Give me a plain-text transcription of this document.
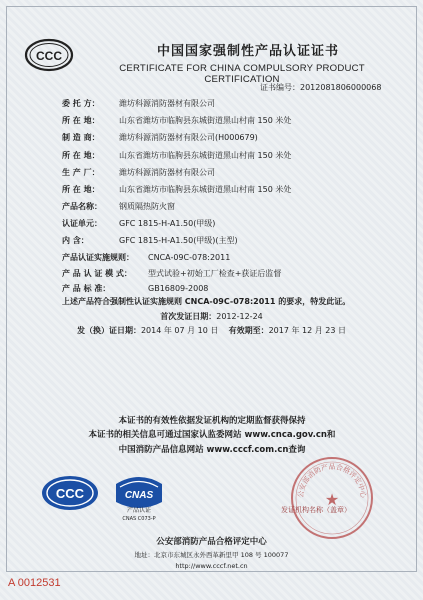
CCC	中国国家强制性产品认证证书
CERTIFICATE FOR CHINA COMPULSORY PRODUCT CERTIFICATION
证书编号：2012081806000068
委 托 方： 潍坊科源消防器材有限公司
所 在 地： 山东省潍坊市临朐县东城街道黑山村南 150 米处
制 造 商： 潍坊科源消防器材有限公司(H000679)
所 在 地： 山东省潍坊市临朐县东城街道黑山村南 150 米处
生 产 厂： 潍坊科源消防器材有限公司
所 在 地： 山东省潍坊市临朐县东城街道黑山村南 150 米处
产品名称： 钢质隔热防火窗
认证单元： GFC 1815-H-A1.50(甲级)
内 含：	GFC 1815-H-A1.50(甲级)(主型)
产品认证实施规则： CNCA-09C-078:2011
产 品 认 证 模 式： 型式试验+初始工厂检查+获证后监督
产 品 标 准：	GB16809-2008
上述产品符合强制性认证实施规则 CNCA-09C-078:2011 的要求，特发此证。
首次发证日期：2012-12-24
发（换）证日期：2014 年 07 月 10 日 有效期至：2017 年 12 月 23 日
本证书的有效性依据发证机构的定期监督获得保持
本证书的相关信息可通过国家认监委网站 www.cnca.gov.cn和
中国消防产品信息网站 www.cccf.com.cn查询
CCC	CNAS
产品认证
CNAS C073-P
公安部消防产品合格评定中心
★
发证机构名称（盖章）
公安部消防产品合格评定中心
地址：北京市东城区永外西革新里甲 108 号 100077
http://www.cccf.net.cn
A 0012531
